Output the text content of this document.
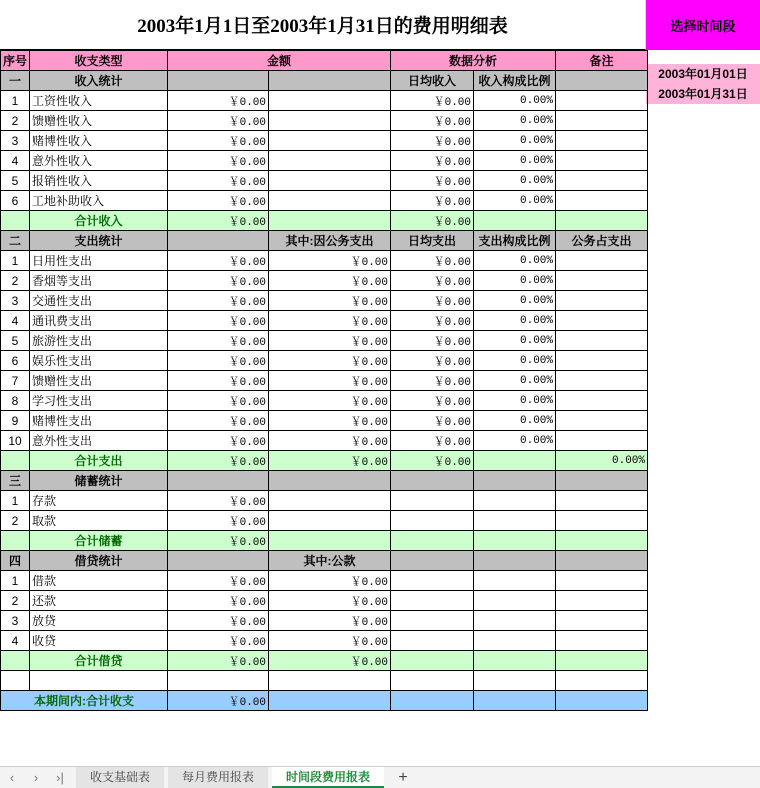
2003年1月1日至2003年1月31日的费用明细表	选择时间段
2003年01月01日
2003年01月31日
序号	收支类型	金额		数据分析		备注
一	收入统计			日均收入	收入构成比例	
1	工资性收入	￥0.00		￥0.00	0.00%	
2	馈赠性收入	￥0.00		￥0.00	0.00%	
3	赌博性收入	￥0.00		￥0.00	0.00%	
4	意外性收入	￥0.00		￥0.00	0.00%	
5	报销性收入	￥0.00		￥0.00	0.00%	
6	工地补助收入	￥0.00		￥0.00	0.00%	
	合计收入	￥0.00		￥0.00		
二	支出统计		其中:因公务支出	日均支出	支出构成比例	公务占支出
1	日用性支出	￥0.00	￥0.00	￥0.00	0.00%	
2	香烟等支出	￥0.00	￥0.00	￥0.00	0.00%	
3	交通性支出	￥0.00	￥0.00	￥0.00	0.00%	
4	通讯费支出	￥0.00	￥0.00	￥0.00	0.00%	
5	旅游性支出	￥0.00	￥0.00	￥0.00	0.00%	
6	娱乐性支出	￥0.00	￥0.00	￥0.00	0.00%	
7	馈赠性支出	￥0.00	￥0.00	￥0.00	0.00%	
8	学习性支出	￥0.00	￥0.00	￥0.00	0.00%	
9	赌博性支出	￥0.00	￥0.00	￥0.00	0.00%	
10	意外性支出	￥0.00	￥0.00	￥0.00	0.00%	
	合计支出	￥0.00	￥0.00	￥0.00		0.00%
三	储蓄统计					
1	存款	￥0.00				
2	取款	￥0.00				
	合计储蓄	￥0.00				
四	借贷统计		其中:公款			
1	借款	￥0.00	￥0.00			
2	还款	￥0.00	￥0.00			
3	放贷	￥0.00	￥0.00			
4	收贷	￥0.00	￥0.00			
	合计借贷	￥0.00	￥0.00			

本期间内:合计收支		￥0.00				
‹	›	›|	收支基础表	每月费用报表	时间段费用报表	+
